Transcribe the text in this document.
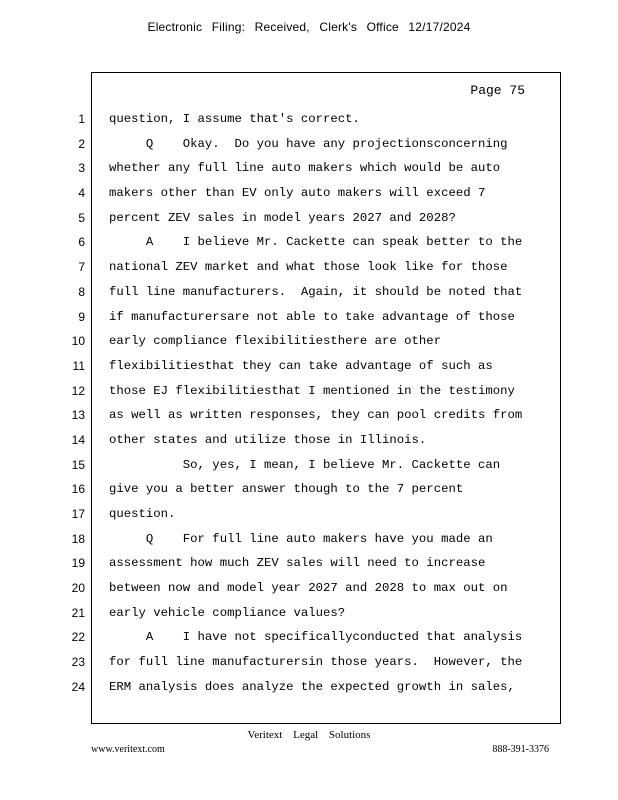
Electronic Filing: Received, Clerk's Office 12/17/2024
Page 75
1
2
3
4
5
6
7
8
9
10
11
12
13
14
15
16
17
18
19
20
21
22
23
24
question, I assume that's correct.
Q    Okay.  Do you have any projectionsconcerning
whether any full line auto makers which would be auto
makers other than EV only auto makers will exceed 7
percent ZEV sales in model years 2027 and 2028?
A    I believe Mr. Cackette can speak better to the
national ZEV market and what those look like for those
full line manufacturers.  Again, it should be noted that
if manufacturersare not able to take advantage of those
early compliance flexibilitiesthere are other
flexibilitiesthat they can take advantage of such as
those EJ flexibilitiesthat I mentioned in the testimony
as well as written responses, they can pool credits from
other states and utilize those in Illinois.
So, yes, I mean, I believe Mr. Cackette can
give you a better answer though to the 7 percent
question.
Q    For full line auto makers have you made an
assessment how much ZEV sales will need to increase
between now and model year 2027 and 2028 to max out on
early vehicle compliance values?
A    I have not specificallyconducted that analysis
for full line manufacturersin those years.  However, the
ERM analysis does analyze the expected growth in sales,
Veritext Legal Solutions
www.veritext.com	888-391-3376
